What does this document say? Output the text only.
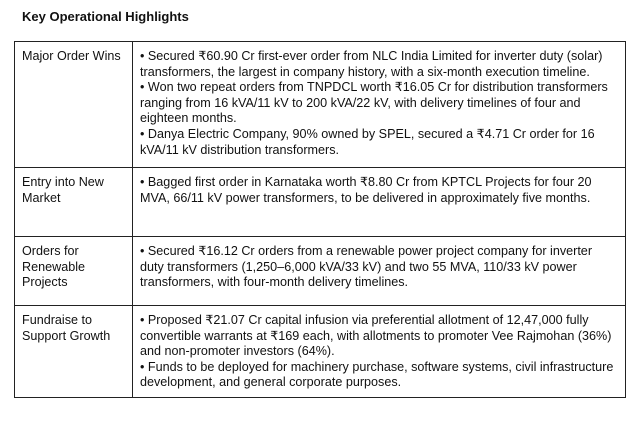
Key Operational Highlights
Major Order Wins	• Secured ₹60.90 Cr first-ever order from NLC India Limited for inverter duty (solar) transformers, the largest in company history, with a six-month execution timeline.
• Won two repeat orders from TNPDCL worth ₹16.05 Cr for distribution transformers ranging from 16 kVA/11 kV to 200 kVA/22 kV, with delivery timelines of four and eighteen months.
• Danya Electric Company, 90% owned by SPEL, secured a ₹4.71 Cr order for 16 kVA/11 kV distribution transformers.

Entry into New Market	• Bagged first order in Karnataka worth ₹8.80 Cr from KPTCL Projects for four 20 MVA, 66/11 kV power transformers, to be delivered in approximately five months.

Orders for Renewable Projects	• Secured ₹16.12 Cr orders from a renewable power project company for inverter duty transformers (1,250–6,000 kVA/33 kV) and two 55 MVA, 110/33 kV power transformers, with four-month delivery timelines.

Fundraise to Support Growth	• Proposed ₹21.07 Cr capital infusion via preferential allotment of 12,47,000 fully convertible warrants at ₹169 each, with allotments to promoter Vee Rajmohan (36%) and non-promoter investors (64%).
• Funds to be deployed for machinery purchase, software systems, civil infrastructure development, and general corporate purposes.
